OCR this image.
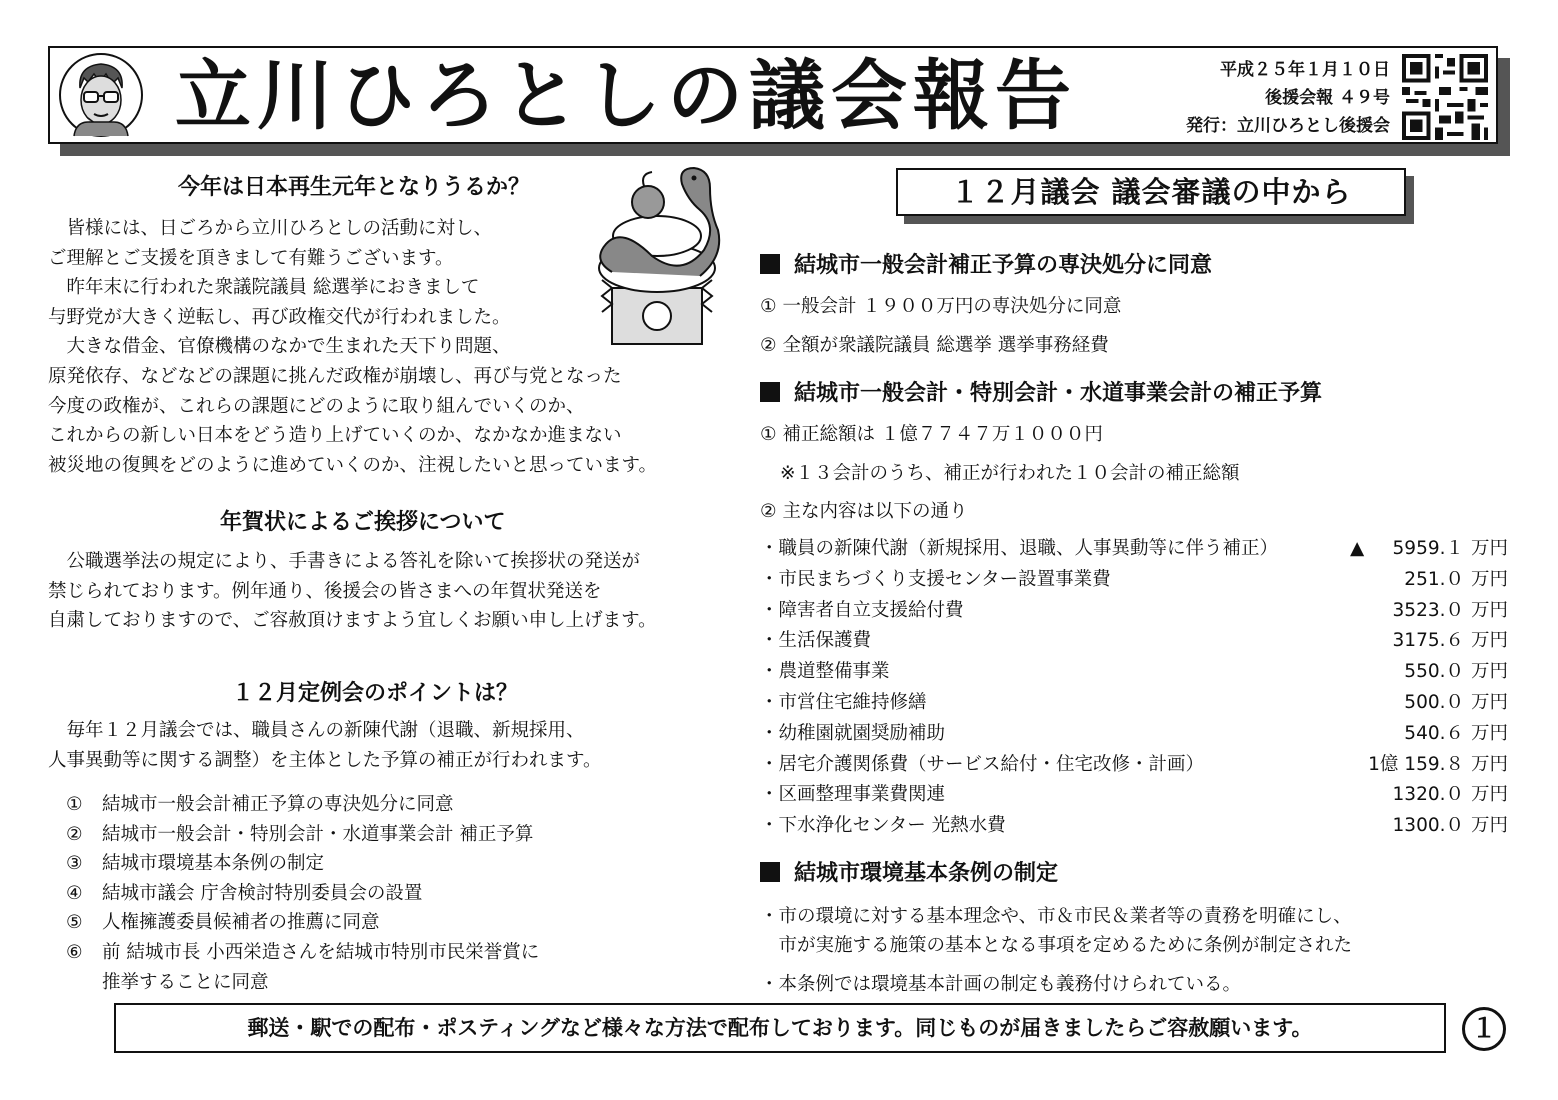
立川ひろとしの議会報告	平成２５年１月１０日
後援会報 ４９号
発行：立川ひろとし後援会
今年は日本再生元年となりうるか？
　皆様には、日ごろから立川ひろとしの活動に対し、
ご理解とご支援を頂きまして有難うございます。
　昨年末に行われた衆議院議員 総選挙におきまして
与野党が大きく逆転し、再び政権交代が行われました。
　大きな借金、官僚機構のなかで生まれた天下り問題、
原発依存、などなどの課題に挑んだ政権が崩壊し、再び与党となった
今度の政権が、これらの課題にどのように取り組んでいくのか、
これからの新しい日本をどう造り上げていくのか、なかなか進まない
被災地の復興をどのように進めていくのか、注視したいと思っています。
年賀状によるご挨拶について
　公職選挙法の規定により、手書きによる答礼を除いて挨拶状の発送が
禁じられております。例年通り、後援会の皆さまへの年賀状発送を
自粛しておりますので、ご容赦頂けますよう宜しくお願い申し上げます。
１２月定例会のポイントは？
　毎年１２月議会では、職員さんの新陳代謝（退職、新規採用、
人事異動等に関する調整）を主体とした予算の補正が行われます。
① 結城市一般会計補正予算の専決処分に同意
② 結城市一般会計・特別会計・水道事業会計 補正予算
③ 結城市環境基本条例の制定
④ 結城市議会 庁舎検討特別委員会の設置
⑤ 人権擁護委員候補者の推薦に同意
⑥ 前 結城市長 小西栄造さんを結城市特別市民栄誉賞に
推挙することに同意
１２月議会 議会審議の中から
結城市一般会計補正予算の専決処分に同意
① 一般会計 １９００万円の専決処分に同意
② 全額が衆議院議員 総選挙 選挙事務経費
結城市一般会計・特別会計・水道事業会計の補正予算
① 補正総額は １億７７４７万１０００円
※１３会計のうち、補正が行われた１０会計の補正総額
② 主な内容は以下の通り
・職員の新陳代謝（新規採用、退職、人事異動等に伴う補正）	▲ 5959.１ 万円
・市民まちづくり支援センター設置事業費	251.０ 万円
・障害者自立支援給付費	3523.０ 万円
・生活保護費	3175.６ 万円
・農道整備事業	550.０ 万円
・市営住宅維持修繕	500.０ 万円
・幼稚園就園奨励補助	540.６ 万円
・居宅介護関係費（サービス給付・住宅改修・計画）	1億 159.８ 万円
・区画整理事業費関連	1320.０ 万円
・下水浄化センター 光熱水費	1300.０ 万円
結城市環境基本条例の制定
・市の環境に対する基本理念や、市＆市民＆業者等の責務を明確にし、
　市が実施する施策の基本となる事項を定めるために条例が制定された
・本条例では環境基本計画の制定も義務付けられている。
郵送・駅での配布・ポスティングなど様々な方法で配布しております。同じものが届きましたらご容赦願います。	１
